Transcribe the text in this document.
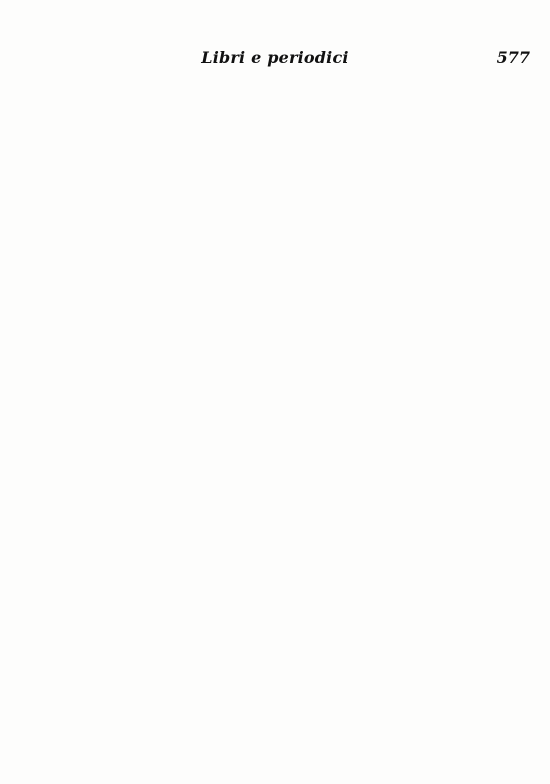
Libri e periodici	577
